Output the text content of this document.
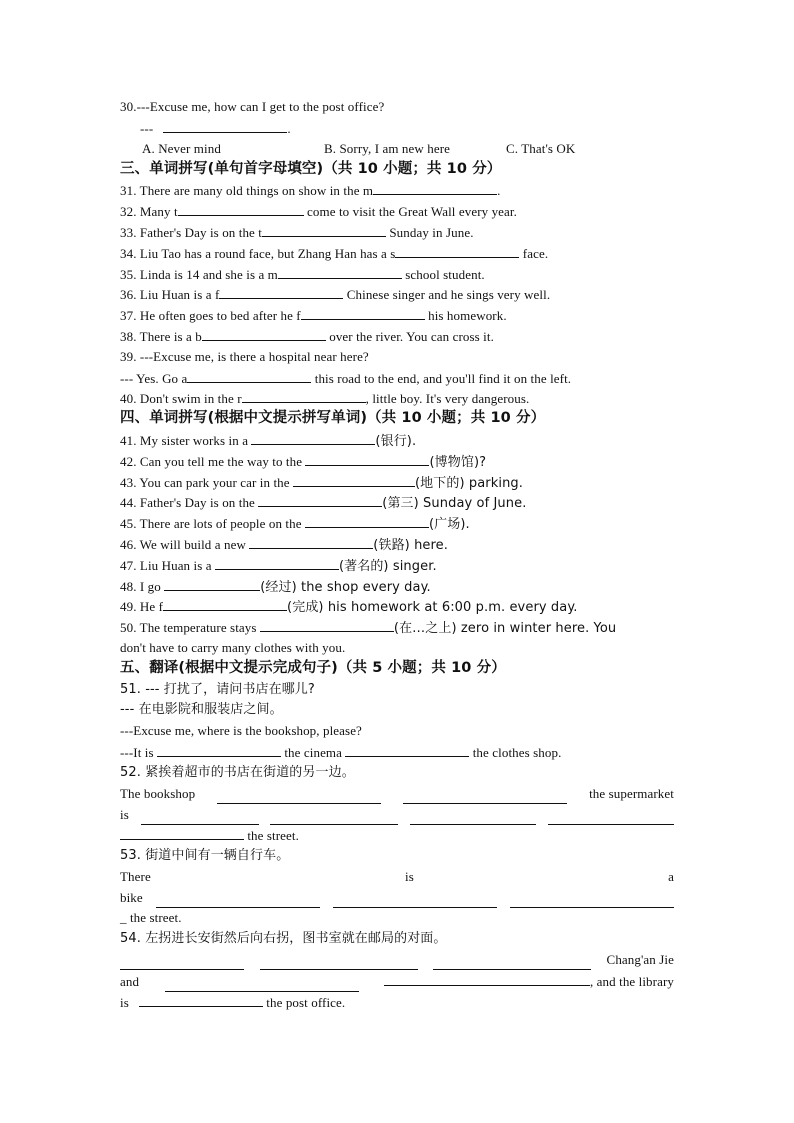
30.---Excuse me, how can I get to the post office?
---	.
A. Never mind	B. Sorry, I am new here	C. That's OK
三、单词拼写(单句首字母填空)（共 10 小题；共 10 分）
31. There are many old things on show in the m	.
32. Many t	come to visit the Great Wall every year.
33. Father's Day is on the t	Sunday in June.
34. Liu Tao has a round face, but Zhang Han has a s	face.
35. Linda is 14 and she is a m	school student.
36. Liu Huan is a f	Chinese singer and he sings very well.
37. He often goes to bed after he f	his homework.
38. There is a b	over the river. You can cross it.
39. ---Excuse me, is there a hospital near here?
--- Yes. Go a	this road to the end, and you'll find it on the left.
40. Don't swim in the r	, little boy. It's very dangerous.
四、单词拼写(根据中文提示拼写单词)（共 10 小题；共 10 分）
41. My sister works in a	(银行).
42. Can you tell me the way to the	(博物馆)?
43. You can park your car in the	(地下的) parking.
44. Father's Day is on the	(第三) Sunday of June.
45. There are lots of people on the	(广场).
46. We will build a new	(铁路) here.
47. Liu Huan is a	(著名的) singer.
48. I go	(经过) the shop every day.
49. He f	(完成) his homework at 6:00 p.m. every day.
50. The temperature stays	(在…之上) zero in winter here. You
don't have to carry many clothes with you.
五、翻译(根据中文提示完成句子)（共 5 小题；共 10 分）
51. --- 打扰了，请问书店在哪儿?
--- 在电影院和服装店之间。
---Excuse me, where is the bookshop, please?
---It is	the cinema	the clothes shop.
52. 紧挨着超市的书店在街道的另一边。
The bookshop	the supermarket
is
the street.
53. 街道中间有一辆自行车。
There	is	a
bike
_ the street.
54. 左拐进长安街然后向右拐，图书室就在邮局的对面。
Chang'an Jie
and	, and the library
is	the post office.
